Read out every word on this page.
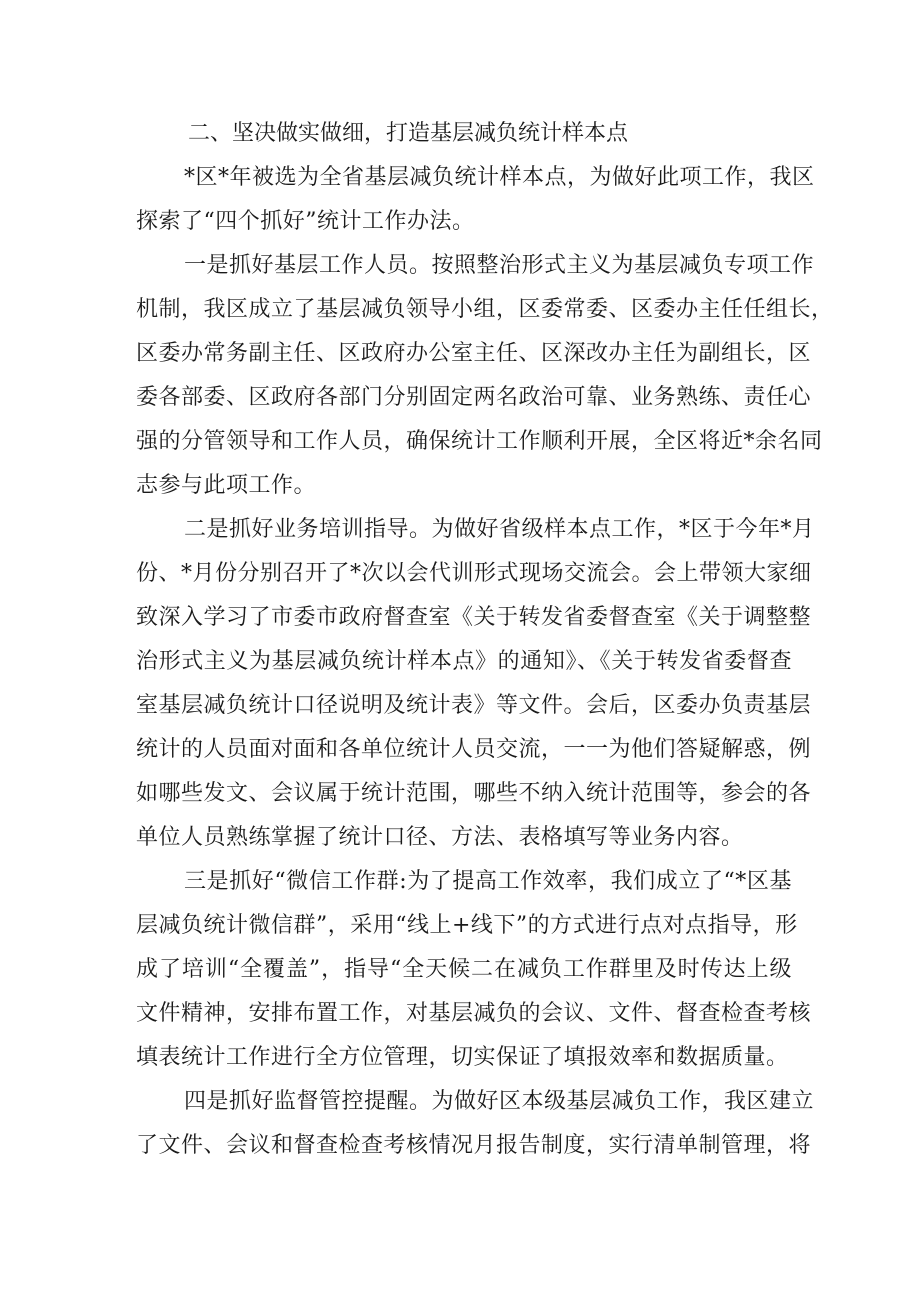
二、坚决做实做细，打造基层减负统计样本点

*区*年被选为全省基层减负统计样本点，为做好此项工作，我区
探索了“四个抓好”统计工作办法。

一是抓好基层工作人员。按照整治形式主义为基层减负专项工作
机制，我区成立了基层减负领导小组，区委常委、区委办主任任组长，
区委办常务副主任、区政府办公室主任、区深改办主任为副组长，区
委各部委、区政府各部门分别固定两名政治可靠、业务熟练、责任心
强的分管领导和工作人员，确保统计工作顺利开展，全区将近*余名同
志参与此项工作。

二是抓好业务培训指导。为做好省级样本点工作，*区于今年*月
份、*月份分别召开了*次以会代训形式现场交流会。会上带领大家细
致深入学习了市委市政府督查室《关于转发省委督查室《关于调整整
治形式主义为基层减负统计样本点》的通知》、《关于转发省委督查
室基层减负统计口径说明及统计表》等文件。会后，区委办负责基层
统计的人员面对面和各单位统计人员交流，一一为他们答疑解惑，例
如哪些发文、会议属于统计范围，哪些不纳入统计范围等，参会的各
单位人员熟练掌握了统计口径、方法、表格填写等业务内容。

三是抓好“微信工作群:为了提高工作效率，我们成立了“*区基
层减负统计微信群”，采用“线上+线下”的方式进行点对点指导，形
成了培训“全覆盖”，指导“全天候二在减负工作群里及时传达上级
文件精神，安排布置工作，对基层减负的会议、文件、督查检查考核
填表统计工作进行全方位管理，切实保证了填报效率和数据质量。

四是抓好监督管控提醒。为做好区本级基层减负工作，我区建立
了文件、会议和督查检查考核情况月报告制度，实行清单制管理，将
